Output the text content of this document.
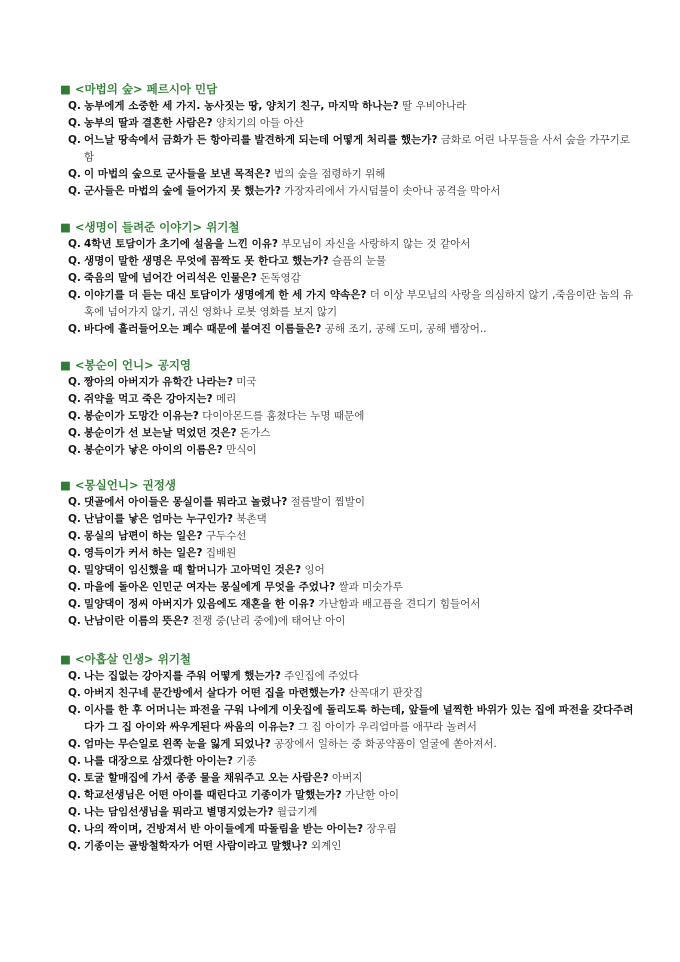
■ <마법의 숲> 페르시아 민담
Q. 농부에게 소중한 세 가지. 농사짓는 땅, 양치기 친구, 마지막 하나는? 딸 우비아나라
Q. 농부의 딸과 결혼한 사람은? 양치기의 아들 아산
Q. 어느날 땅속에서 금화가 든 항아리를 발견하게 되는데 어떻게 처리를 했는가? 금화로 어린 나무들을 사서 숲을 가꾸기로 함
Q. 이 마법의 숲으로 군사들을 보낸 목적은? 법의 숲을 점령하기 위해
Q. 군사들은 마법의 숲에 들어가지 못 했는가? 가장자리에서 가시덤불이 솟아나 공격을 막아서
■ <생명이 들려준 이야기> 위기철
Q. 4학년 토담이가 초기에 설움을 느낀 이유? 부모님이 자신을 사랑하지 않는 것 같아서
Q. 생명이 말한 생명은 무엇에 꼼짝도 못 한다고 했는가? 슬픔의 눈물
Q. 죽음의 말에 넘어간 어리석은 인물은? 돈독영감
Q. 이야기를 더 듣는 대신 토담이가 생명에게 한 세 가지 약속은? 더 이상 부모님의 사랑을 의심하지 않기 ,죽음이란 놈의 유혹에 넘어가지 않기, 귀신 영화나 로봇 영화를 보지 않기
Q. 바다에 흘러들어오는 폐수 때문에 붙여진 이름들은? 공해 조기, 공해 도미, 공해 뱀장어..
■ <봉순이 언니> 공지영
Q. 짱아의 아버지가 유학간 나라는? 미국
Q. 쥐약을 먹고 죽은 강아지는? 메리
Q. 봉순이가 도망간 이유는? 다이아몬드를 훔쳤다는 누명 때문에
Q. 봉순이가 선 보는날 먹었던 것은? 돈가스
Q. 봉순이가 낳은 아이의 이름은? 만식이
■ <몽실언니> 권정생
Q. 댓골에서 아이들은 몽실이를 뭐라고 놀렸나? 절름발이 찜발이
Q. 난남이를 낳은 엄마는 누구인가? 북촌댁
Q. 몽실의 남편이 하는 일은? 구두수선
Q. 영득이가 커서 하는 일은? 집배원
Q. 밀양댁이 임신했을 때 할머니가 고아먹인 것은? 잉어
Q. 마을에 돌아온 인민군 여자는 몽실에게 무엇을 주었나? 쌀과 미숫가루
Q. 밀양댁이 정씨 아버지가 있음에도 재혼을 한 이유? 가난함과 배고픔을 견디기 힘들어서
Q. 난남이란 이름의 뜻은? 전쟁 중(난리 중에)에 태어난 아이
■ <아홉살 인생> 위기철
Q. 나는 집없는 강아지를 주워 어떻게 했는가? 주인집에 주었다
Q. 아버지 친구네 문간방에서 살다가 어떤 집을 마련했는가? 산꼭대기 판잣집
Q. 이사를 한 후 어머니는 파전을 구워 나에게 이웃집에 돌리도록 하는데, 앞들에 널찍한 바위가 있는 집에 파전을 갖다주려다가 그 집 아이와 싸우게된다 싸움의 이유는? 그 집 아이가 우리엄마를 애꾸라 놀려서
Q. 엄마는 무슨일로 왼쪽 눈을 잃게 되었나? 공장에서 일하는 중 화공약품이 얼굴에 쏟아져서.
Q. 나를 대장으로 삼겠다한 아이는? 기종
Q. 토굴 할매집에 가서 종종 물을 채워주고 오는 사람은? 아버지
Q. 학교선생님은 어떤 아이를 때린다고 기종이가 말했는가? 가난한 아이
Q. 나는 담임선생님을 뭐라고 별명지었는가? 월급기계
Q. 나의 짝이며, 건방져서 반 아이들에게 따돌림을 받는 아이는? 장우림
Q. 기종이는 골방철학자가 어떤 사람이라고 말했나? 외계인
